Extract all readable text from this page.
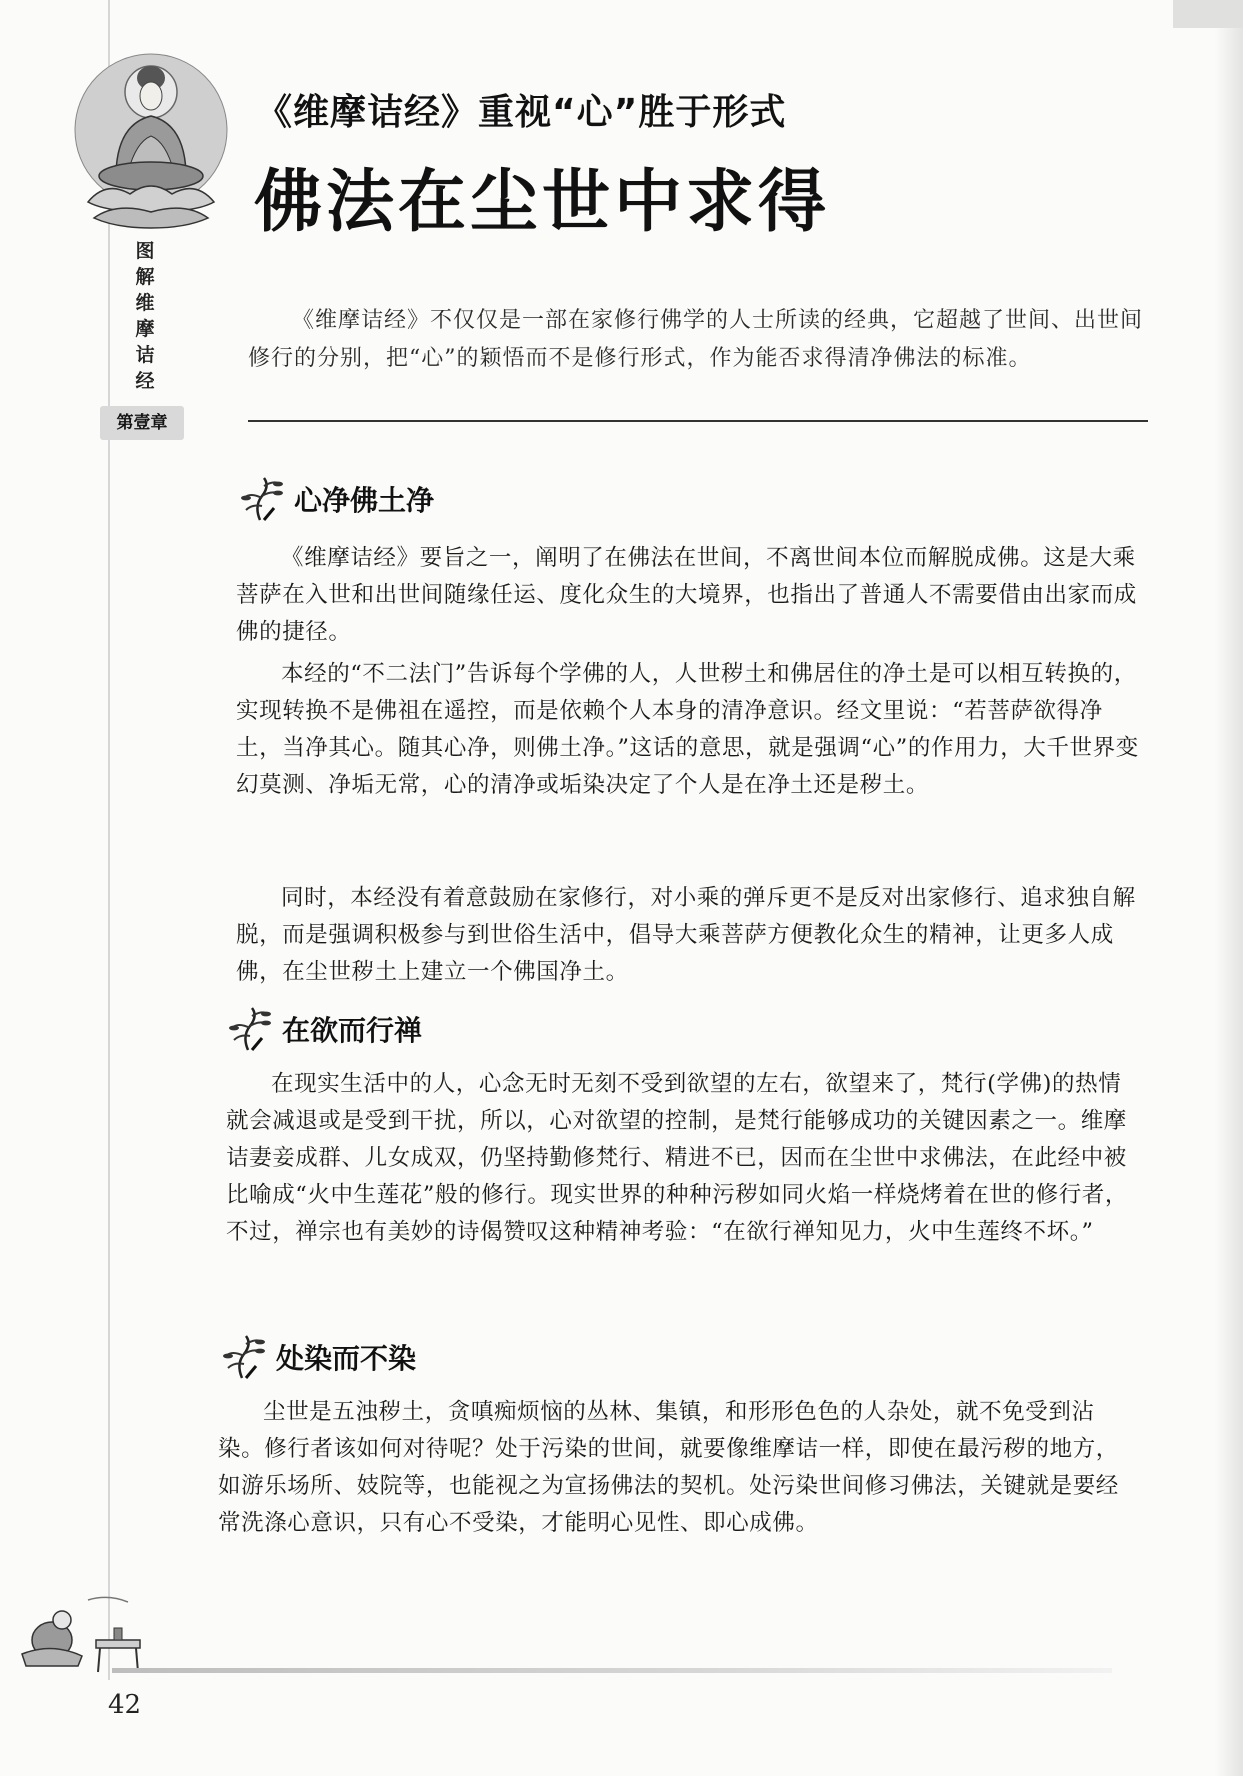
图
解
维
摩
诘
经
第壹章
《维摩诘经》重视“心”胜于形式
佛法在尘世中求得

《维摩诘经》不仅仅是一部在家修行佛学的人士所读的经典，它超越了世间、出世间修行的分别，把“心”的颖悟而不是修行形式，作为能否求得清净佛法的标准。

心净佛土净

《维摩诘经》要旨之一，阐明了在佛法在世间，不离世间本位而解脱成佛。这是大乘菩萨在入世和出世间随缘任运、度化众生的大境界，也指出了普通人不需要借由出家而成佛的捷径。

本经的“不二法门”告诉每个学佛的人，人世秽土和佛居住的净土是可以相互转换的，实现转换不是佛祖在遥控，而是依赖个人本身的清净意识。经文里说：“若菩萨欲得净土，当净其心。随其心净，则佛土净。”这话的意思，就是强调“心”的作用力，大千世界变幻莫测、净垢无常，心的清净或垢染决定了个人是在净土还是秽土。

同时，本经没有着意鼓励在家修行，对小乘的弹斥更不是反对出家修行、追求独自解脱，而是强调积极参与到世俗生活中，倡导大乘菩萨方便教化众生的精神，让更多人成佛，在尘世秽土上建立一个佛国净土。

在欲而行禅

在现实生活中的人，心念无时无刻不受到欲望的左右，欲望来了，梵行(学佛)的热情就会减退或是受到干扰，所以，心对欲望的控制，是梵行能够成功的关键因素之一。维摩诘妻妾成群、儿女成双，仍坚持勤修梵行、精进不已，因而在尘世中求佛法，在此经中被比喻成“火中生莲花”般的修行。现实世界的种种污秽如同火焰一样烧烤着在世的修行者，不过，禅宗也有美妙的诗偈赞叹这种精神考验：“在欲行禅知见力，火中生莲终不坏。”

处染而不染

尘世是五浊秽土，贪嗔痴烦恼的丛林、集镇，和形形色色的人杂处，就不免受到沾染。修行者该如何对待呢？处于污染的世间，就要像维摩诘一样，即使在最污秽的地方，如游乐场所、妓院等，也能视之为宣扬佛法的契机。处污染世间修习佛法，关键就是要经常洗涤心意识，只有心不受染，才能明心见性、即心成佛。

42
